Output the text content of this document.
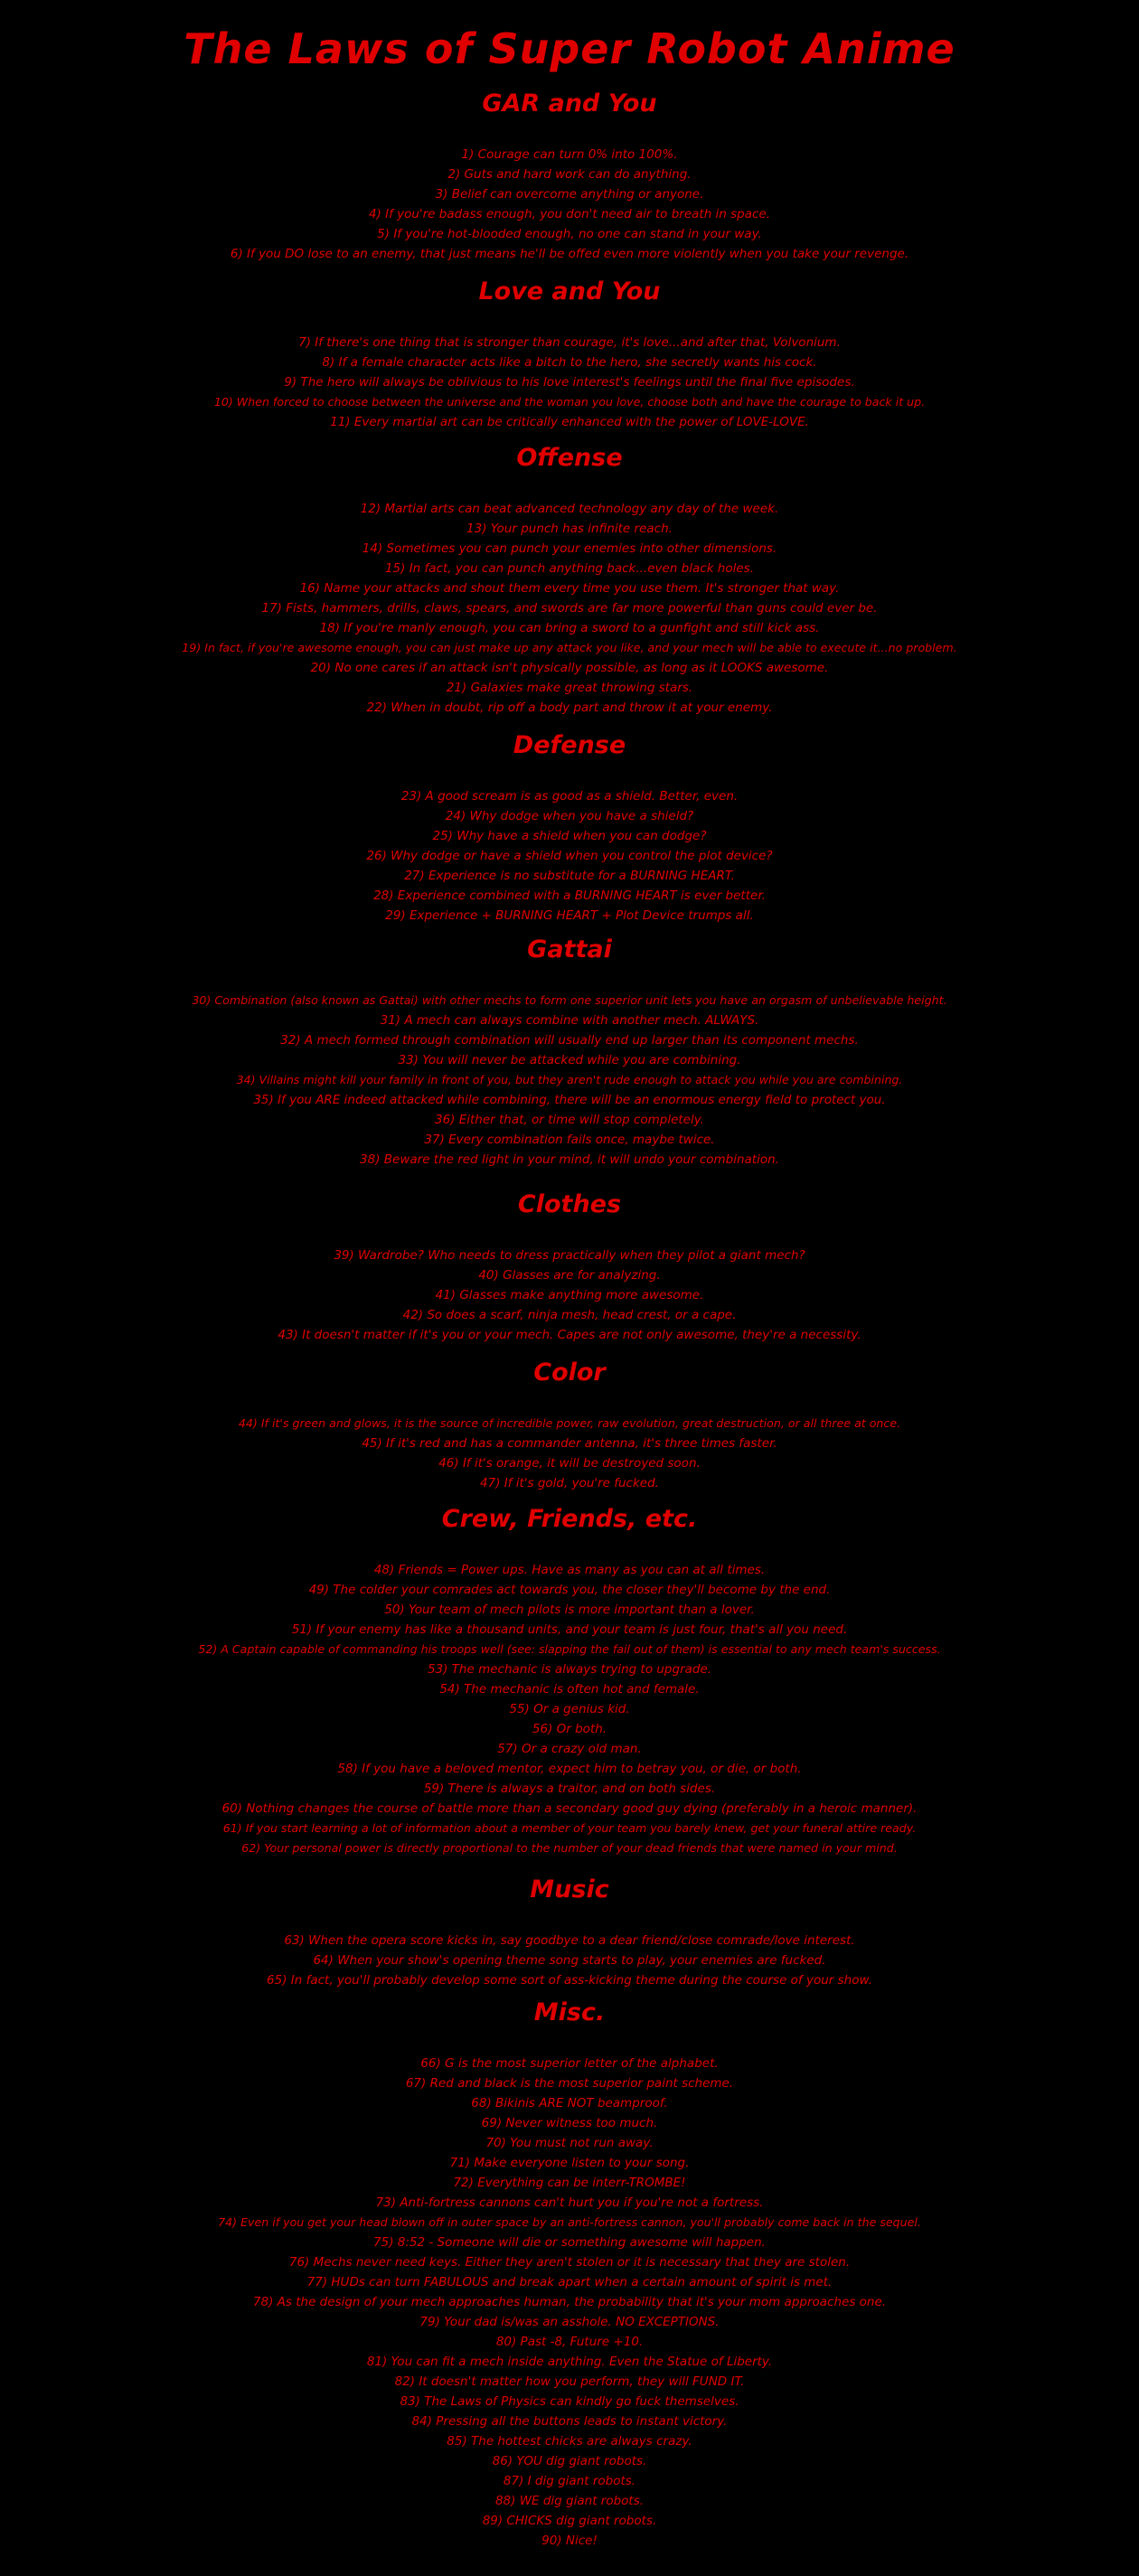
The Laws of Super Robot Anime
GAR and You
1) Courage can turn 0% into 100%.
2) Guts and hard work can do anything.
3) Belief can overcome anything or anyone.
4) If you're badass enough, you don't need air to breath in space.
5) If you're hot-blooded enough, no one can stand in your way.
6) If you DO lose to an enemy, that just means he'll be offed even more violently when you take your revenge.
Love and You
7) If there's one thing that is stronger than courage, it's love...and after that, Volvonium.
8) If a female character acts like a bitch to the hero, she secretly wants his cock.
9) The hero will always be oblivious to his love interest's feelings until the final five episodes.
10) When forced to choose between the universe and the woman you love, choose both and have the courage to back it up.
11) Every martial art can be critically enhanced with the power of LOVE-LOVE.
Offense
12) Martial arts can beat advanced technology any day of the week.
13) Your punch has infinite reach.
14) Sometimes you can punch your enemies into other dimensions.
15) In fact, you can punch anything back...even black holes.
16) Name your attacks and shout them every time you use them. It's stronger that way.
17) Fists, hammers, drills, claws, spears, and swords are far more powerful than guns could ever be.
18) If you're manly enough, you can bring a sword to a gunfight and still kick ass.
19) In fact, if you're awesome enough, you can just make up any attack you like, and your mech will be able to execute it...no problem.
20) No one cares if an attack isn't physically possible, as long as it LOOKS awesome.
21) Galaxies make great throwing stars.
22) When in doubt, rip off a body part and throw it at your enemy.
Defense
23) A good scream is as good as a shield. Better, even.
24) Why dodge when you have a shield?
25) Why have a shield when you can dodge?
26) Why dodge or have a shield when you control the plot device?
27) Experience is no substitute for a BURNING HEART.
28) Experience combined with a BURNING HEART is ever better.
29) Experience + BURNING HEART + Plot Device trumps all.
Gattai
30) Combination (also known as Gattai) with other mechs to form one superior unit lets you have an orgasm of unbelievable height.
31) A mech can always combine with another mech. ALWAYS.
32) A mech formed through combination will usually end up larger than its component mechs.
33) You will never be attacked while you are combining.
34) Villains might kill your family in front of you, but they aren't rude enough to attack you while you are combining.
35) If you ARE indeed attacked while combining, there will be an enormous energy field to protect you.
36) Either that, or time will stop completely.
37) Every combination fails once, maybe twice.
38) Beware the red light in your mind, it will undo your combination.
Clothes
39) Wardrobe? Who needs to dress practically when they pilot a giant mech?
40) Glasses are for analyzing.
41) Glasses make anything more awesome.
42) So does a scarf, ninja mesh, head crest, or a cape.
43) It doesn't matter if it's you or your mech. Capes are not only awesome, they're a necessity.
Color
44) If it's green and glows, it is the source of incredible power, raw evolution, great destruction, or all three at once.
45) If it's red and has a commander antenna, it's three times faster.
46) If it's orange, it will be destroyed soon.
47) If it's gold, you're fucked.
Crew, Friends, etc.
48) Friends = Power ups. Have as many as you can at all times.
49) The colder your comrades act towards you, the closer they'll become by the end.
50) Your team of mech pilots is more important than a lover.
51) If your enemy has like a thousand units, and your team is just four, that's all you need.
52) A Captain capable of commanding his troops well (see: slapping the fail out of them) is essential to any mech team's success.
53) The mechanic is always trying to upgrade.
54) The mechanic is often hot and female.
55) Or a genius kid.
56) Or both.
57) Or a crazy old man.
58) If you have a beloved mentor, expect him to betray you, or die, or both.
59) There is always a traitor, and on both sides.
60) Nothing changes the course of battle more than a secondary good guy dying (preferably in a heroic manner).
61) If you start learning a lot of information about a member of your team you barely knew, get your funeral attire ready.
62) Your personal power is directly proportional to the number of your dead friends that were named in your mind.
Music
63) When the opera score kicks in, say goodbye to a dear friend/close comrade/love interest.
64) When your show's opening theme song starts to play, your enemies are fucked.
65) In fact, you'll probably develop some sort of ass-kicking theme during the course of your show.
Misc.
66) G is the most superior letter of the alphabet.
67) Red and black is the most superior paint scheme.
68) Bikinis ARE NOT beamproof.
69) Never witness too much.
70) You must not run away.
71) Make everyone listen to your song.
72) Everything can be interr-TROMBE!
73) Anti-fortress cannons can't hurt you if you're not a fortress.
74) Even if you get your head blown off in outer space by an anti-fortress cannon, you'll probably come back in the sequel.
75) 8:52 - Someone will die or something awesome will happen.
76) Mechs never need keys. Either they aren't stolen or it is necessary that they are stolen.
77) HUDs can turn FABULOUS and break apart when a certain amount of spirit is met.
78) As the design of your mech approaches human, the probability that it's your mom approaches one.
79) Your dad is/was an asshole. NO EXCEPTIONS.
80) Past -8, Future +10.
81) You can fit a mech inside anything. Even the Statue of Liberty.
82) It doesn't matter how you perform, they will FUND IT.
83) The Laws of Physics can kindly go fuck themselves.
84) Pressing all the buttons leads to instant victory.
85) The hottest chicks are always crazy.
86) YOU dig giant robots.
87) I dig giant robots.
88) WE dig giant robots.
89) CHICKS dig giant robots.
90) Nice!
